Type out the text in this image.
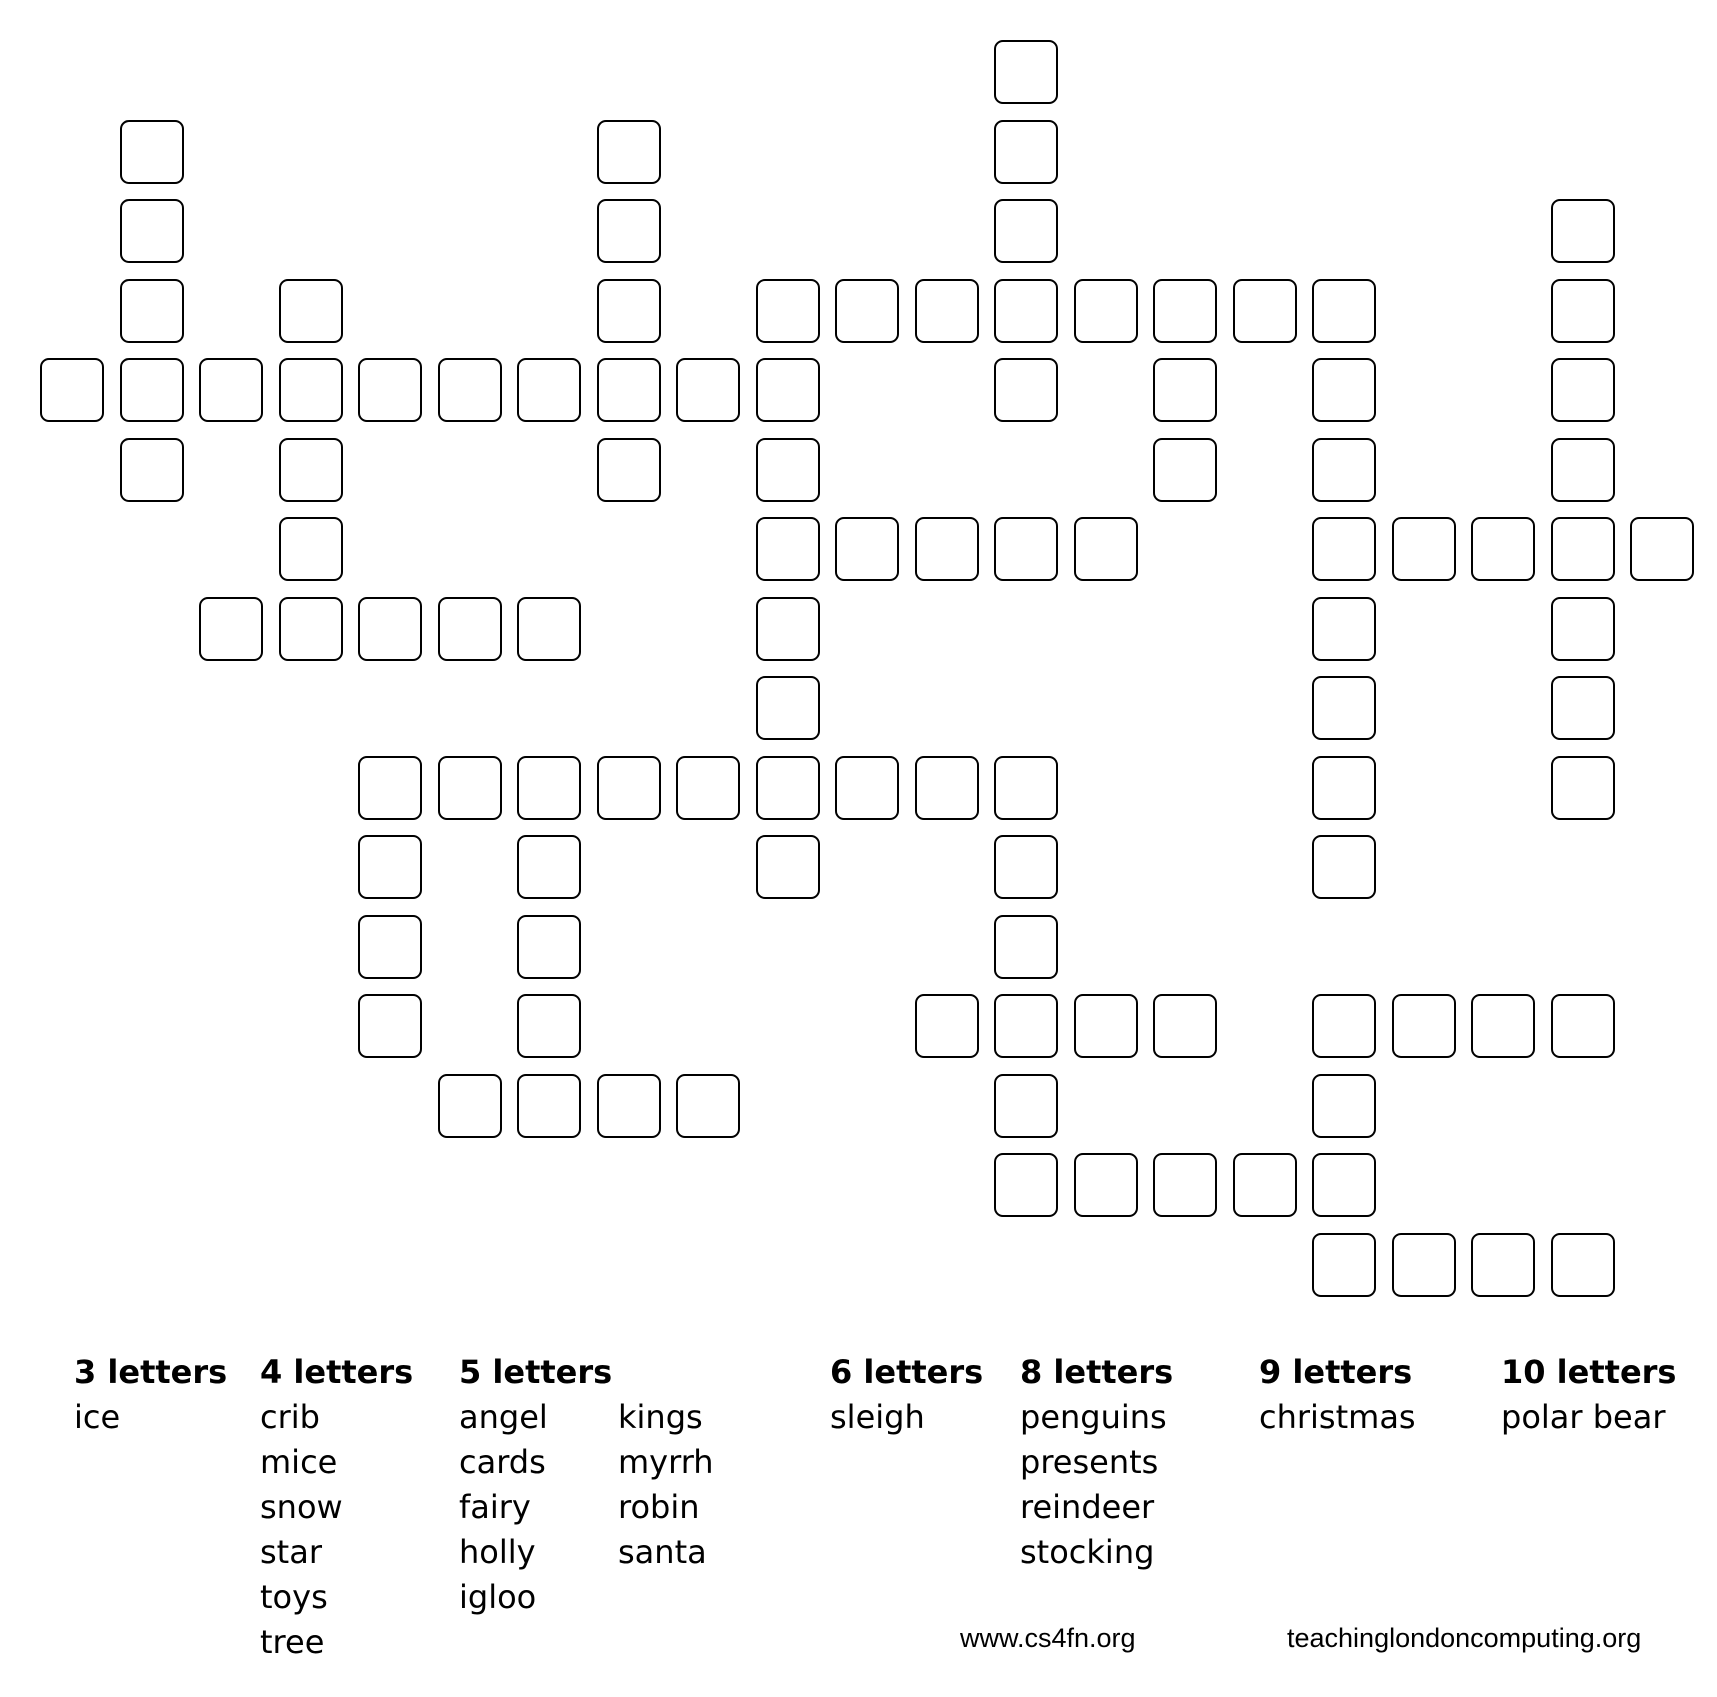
3 letters
ice
4 letters
crib
mice
snow
star
toys
tree
5 letters
angel
cards
fairy
holly
igloo
kings
myrrh
robin
santa
6 letters
sleigh
8 letters
penguins
presents
reindeer
stocking
9 letters
christmas
10 letters
polar bear
www.cs4fn.org	teachinglondoncomputing.org
